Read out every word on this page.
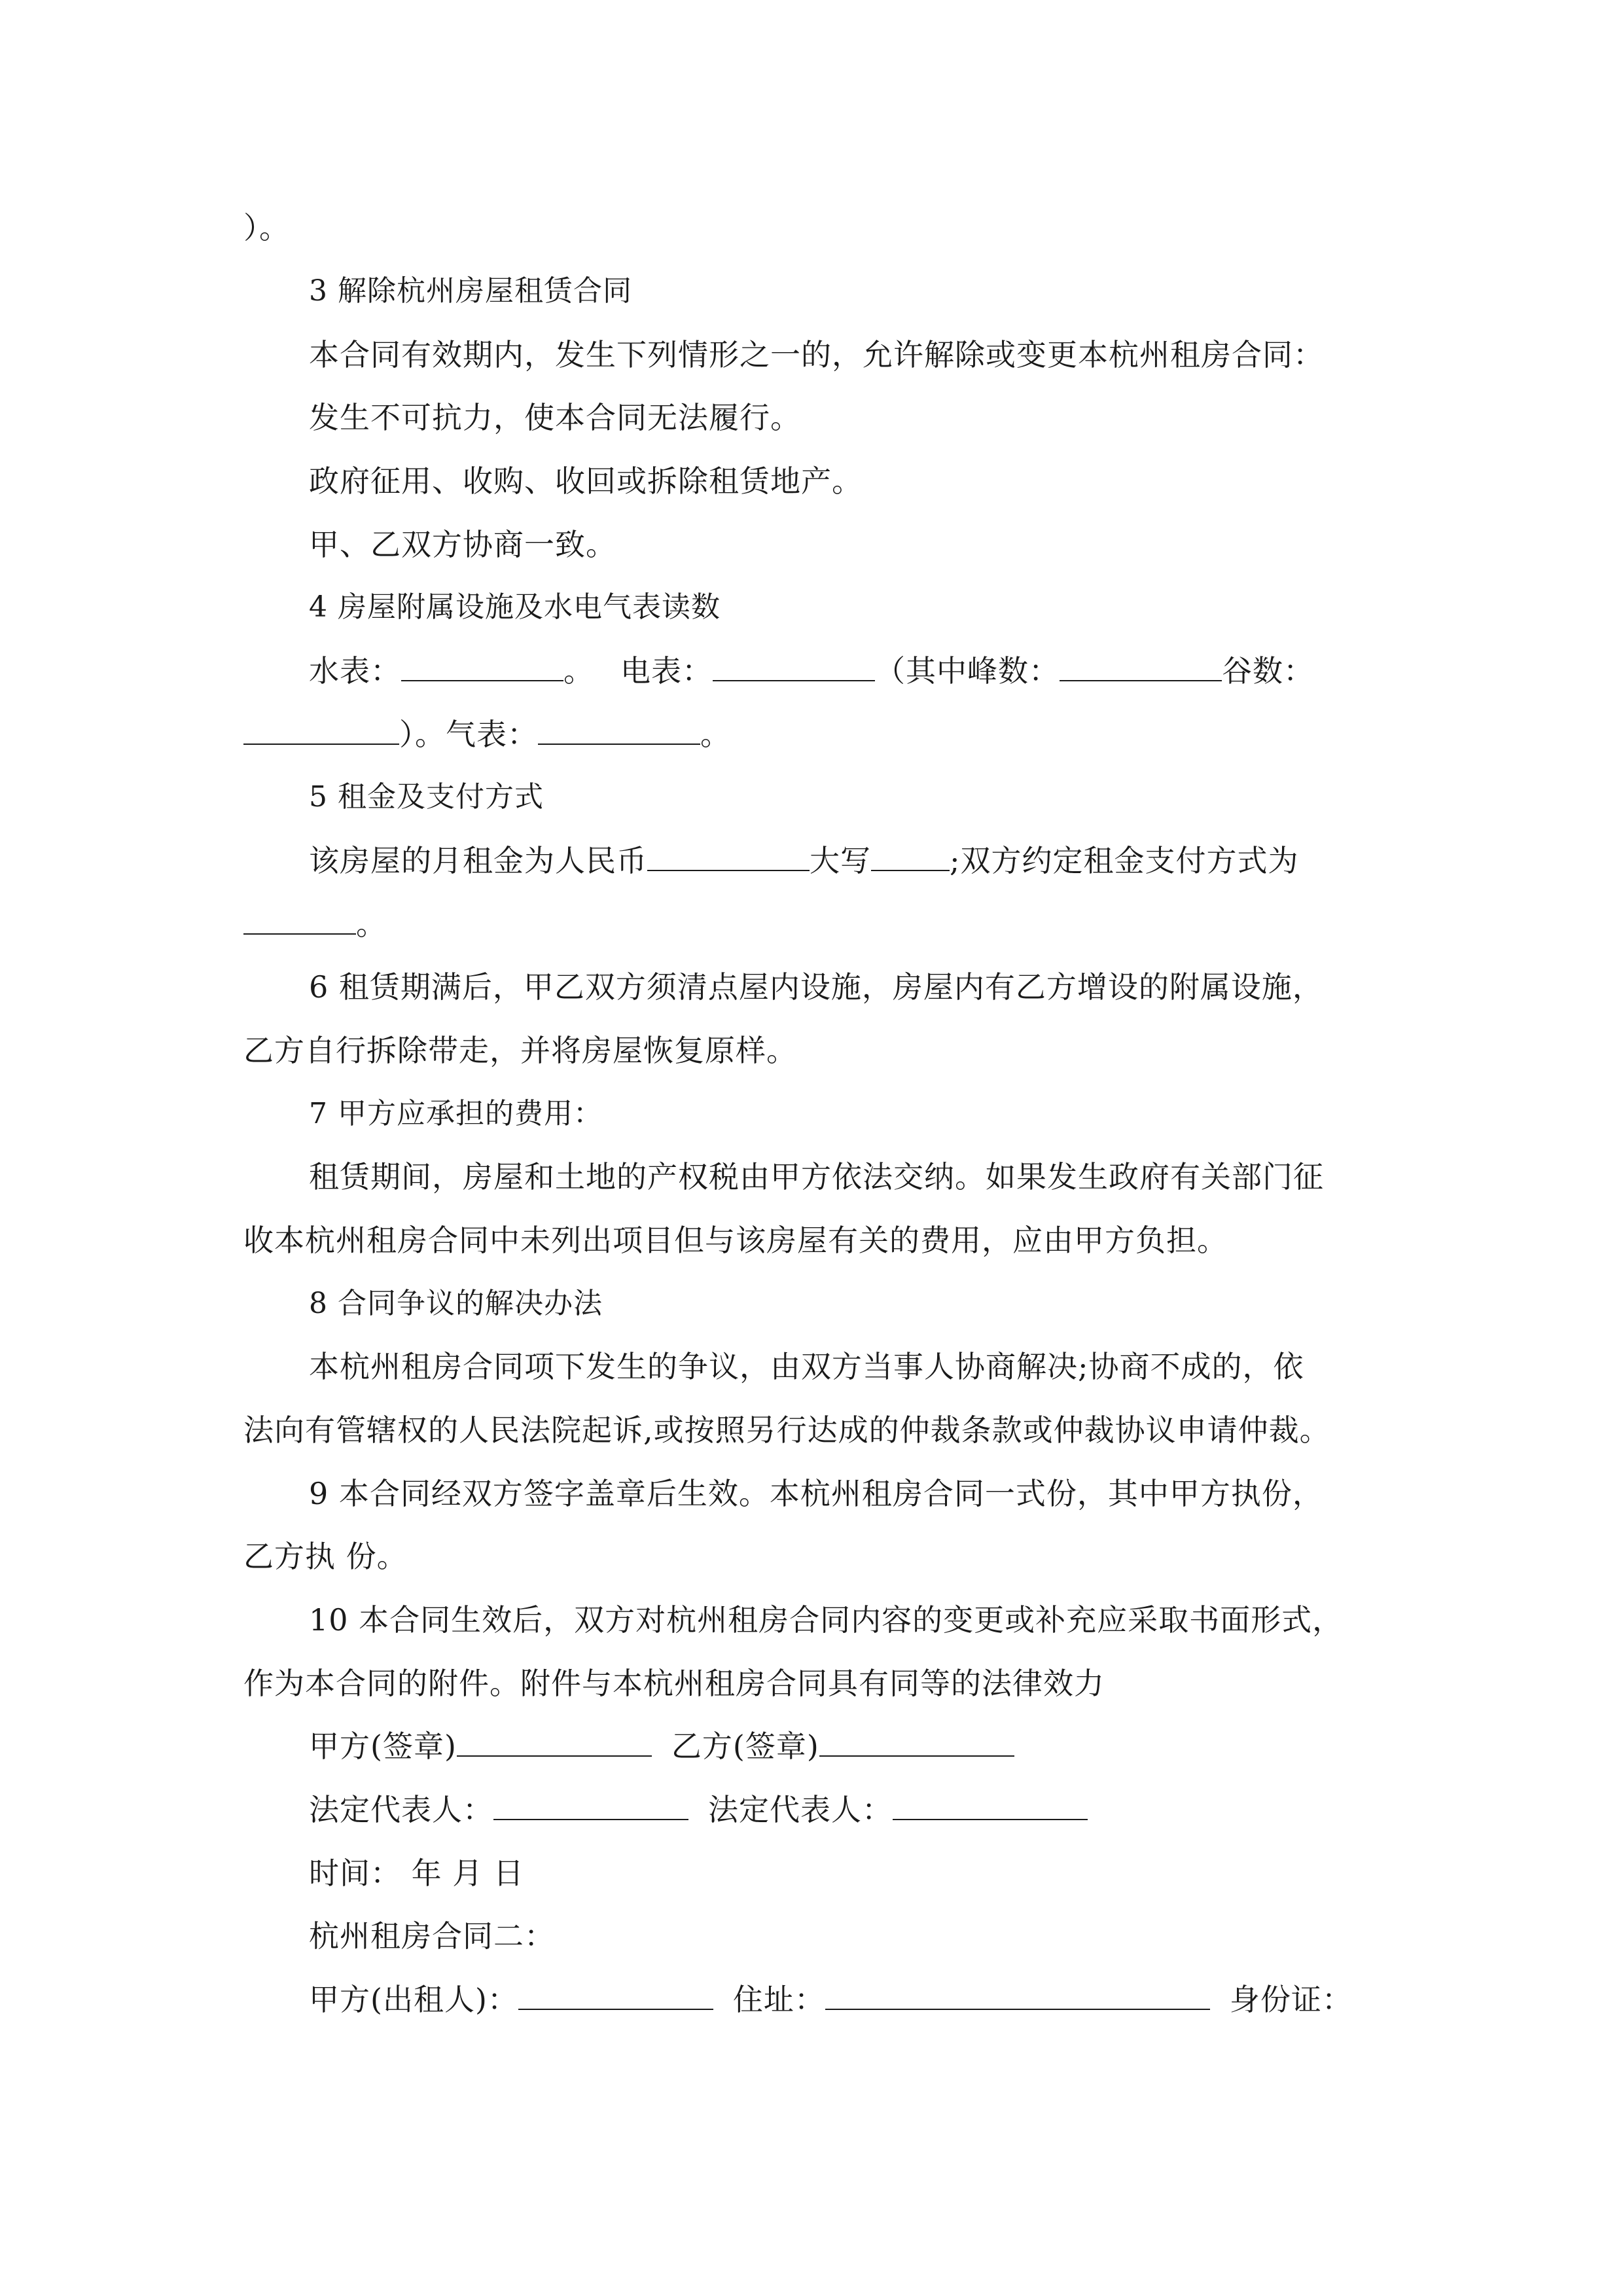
）。
3 解除杭州房屋租赁合同
本合同有效期内，发生下列情形之一的，允许解除或变更本杭州租房合同：
发生不可抗力，使本合同无法履行。
政府征用、收购、收回或拆除租赁地产。
甲、乙双方协商一致。
4 房屋附属设施及水电气表读数
水表：	。 电表：	（其中峰数：	谷数：
）。气表：	。
5 租金及支付方式
该房屋的月租金为人民币	大写	;双方约定租金支付方式为
。
6 租赁期满后，甲乙双方须清点屋内设施，房屋内有乙方增设的附属设施，
乙方自行拆除带走，并将房屋恢复原样。
7 甲方应承担的费用：
租赁期间，房屋和土地的产权税由甲方依法交纳。如果发生政府有关部门征
收本杭州租房合同中未列出项目但与该房屋有关的费用，应由甲方负担。
8 合同争议的解决办法
本杭州租房合同项下发生的争议，由双方当事人协商解决;协商不成的，依
法向有管辖权的人民法院起诉,或按照另行达成的仲裁条款或仲裁协议申请仲裁。
9 本合同经双方签字盖章后生效。本杭州租房合同一式份，其中甲方执份，
乙方执 份。
10 本合同生效后，双方对杭州租房合同内容的变更或补充应采取书面形式，
作为本合同的附件。附件与本杭州租房合同具有同等的法律效力
甲方(签章)	乙方(签章)
法定代表人：	法定代表人：
时间： 年 月 日
杭州租房合同二：
甲方(出租人)：	住址：	身份证：
